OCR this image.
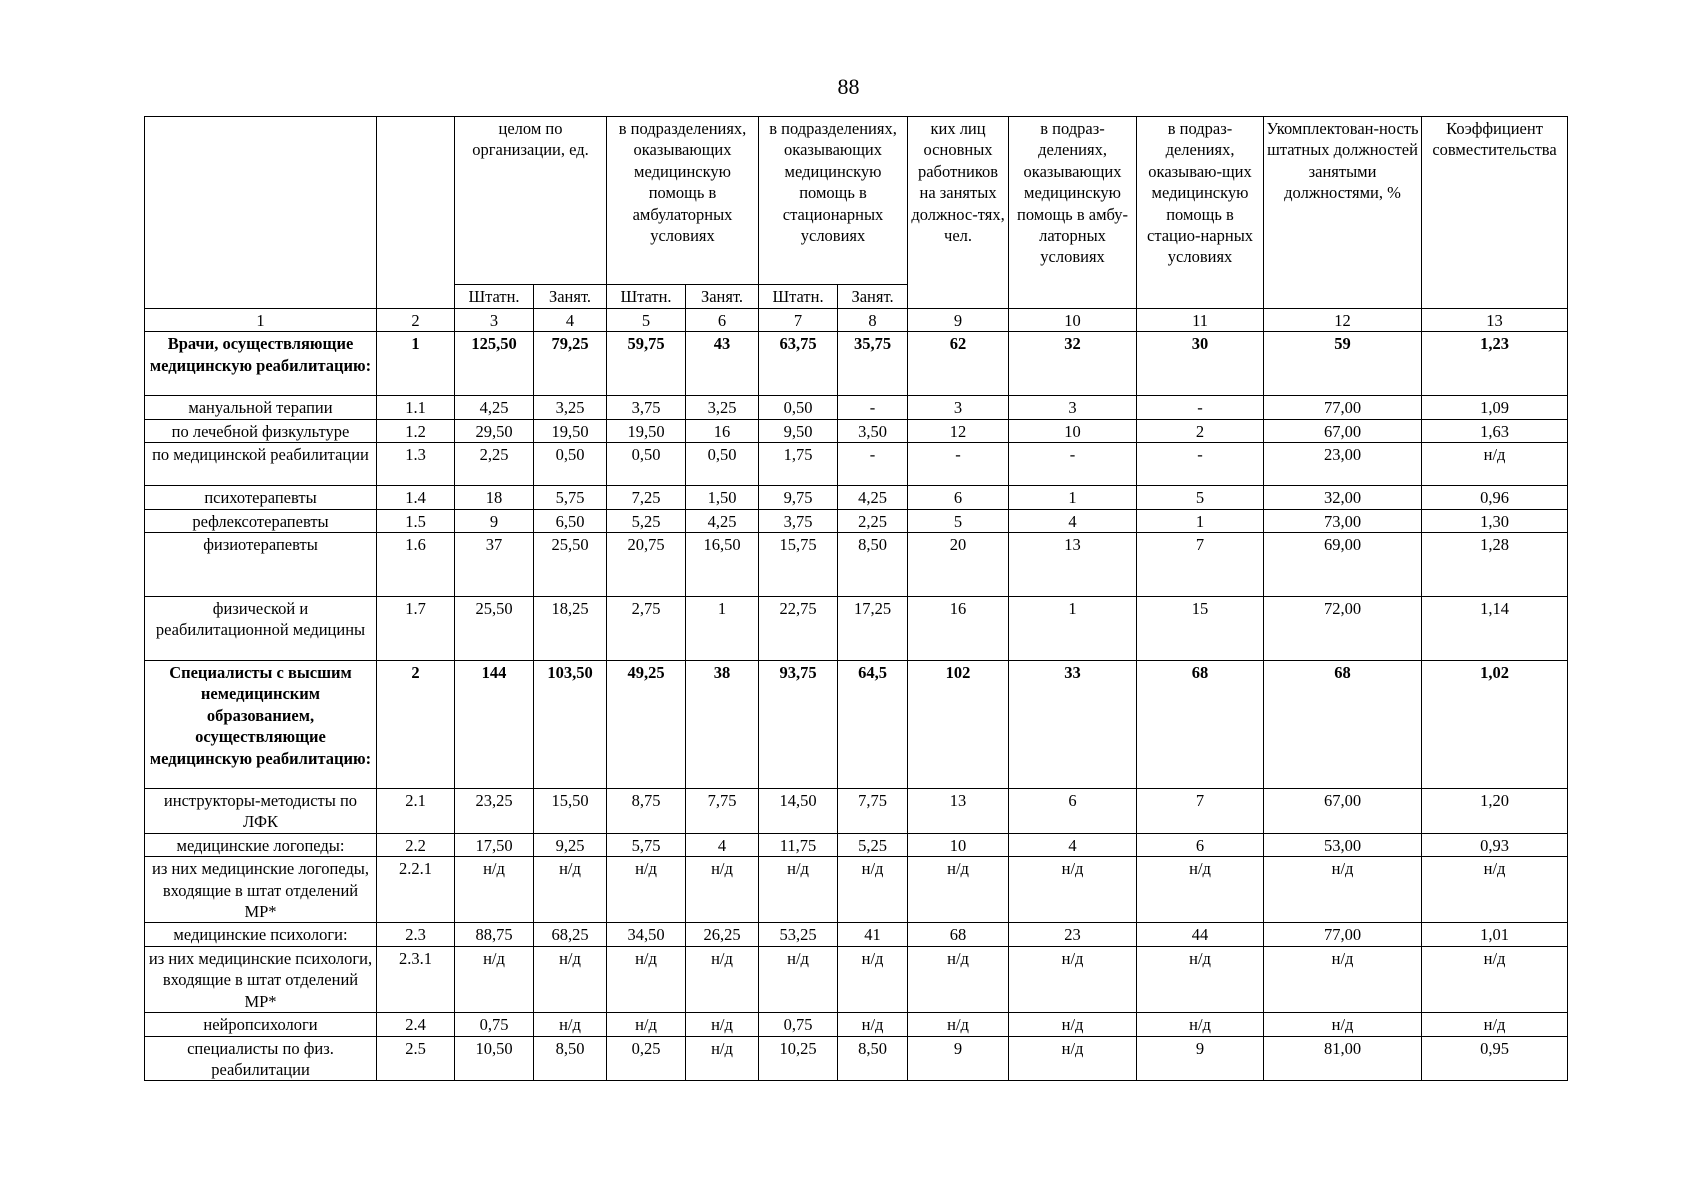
88
		целом по организации, ед.		в подразделениях, оказывающих медицинскую помощь в амбулаторных условиях		в подразделениях, оказывающих медицинскую помощь в стационарных условиях		ких лиц основных работников на занятых должнос-тях, чел.	в подраз-делениях, оказывающих медицинскую помощь в амбу-латорных условиях	в подраз-делениях, оказываю-щих медицинскую помощь в стацио-нарных условиях	Укомплектован-ность штатных должностей занятыми должностями, %	Коэффициент совместительства
		Штатн.	Занят.	Штатн.	Занят.	Штатн.	Занят.					
1	2	3	4	5	6	7	8	9	10	11	12	13
Врачи, осуществляющие медицинскую реабилитацию:	1	125,50	79,25	59,75	43	63,75	35,75	62	32	30	59	1,23
мануальной терапии	1.1	4,25	3,25	3,75	3,25	0,50	-	3	3	-	77,00	1,09
по лечебной физкультуре	1.2	29,50	19,50	19,50	16	9,50	3,50	12	10	2	67,00	1,63
по медицинской реабилитации	1.3	2,25	0,50	0,50	0,50	1,75	-	-	-	-	23,00	н/д
психотерапевты	1.4	18	5,75	7,25	1,50	9,75	4,25	6	1	5	32,00	0,96
рефлексотерапевты	1.5	9	6,50	5,25	4,25	3,75	2,25	5	4	1	73,00	1,30
физиотерапевты	1.6	37	25,50	20,75	16,50	15,75	8,50	20	13	7	69,00	1,28
физической и реабилитационной медицины	1.7	25,50	18,25	2,75	1	22,75	17,25	16	1	15	72,00	1,14
Специалисты с высшим немедицинским образованием, осуществляющие медицинскую реабилитацию:	2	144	103,50	49,25	38	93,75	64,5	102	33	68	68	1,02
инструкторы-методисты по ЛФК	2.1	23,25	15,50	8,75	7,75	14,50	7,75	13	6	7	67,00	1,20
медицинские логопеды:	2.2	17,50	9,25	5,75	4	11,75	5,25	10	4	6	53,00	0,93
из них медицинские логопеды, входящие в штат отделений МР*	2.2.1	н/д	н/д	н/д	н/д	н/д	н/д	н/д	н/д	н/д	н/д	н/д
медицинские психологи:	2.3	88,75	68,25	34,50	26,25	53,25	41	68	23	44	77,00	1,01
из них медицинские психологи, входящие в штат отделений МР*	2.3.1	н/д	н/д	н/д	н/д	н/д	н/д	н/д	н/д	н/д	н/д	н/д
нейропсихологи	2.4	0,75	н/д	н/д	н/д	0,75	н/д	н/д	н/д	н/д	н/д	н/д
специалисты по физ. реабилитации	2.5	10,50	8,50	0,25	н/д	10,25	8,50	9	н/д	9	81,00	0,95
